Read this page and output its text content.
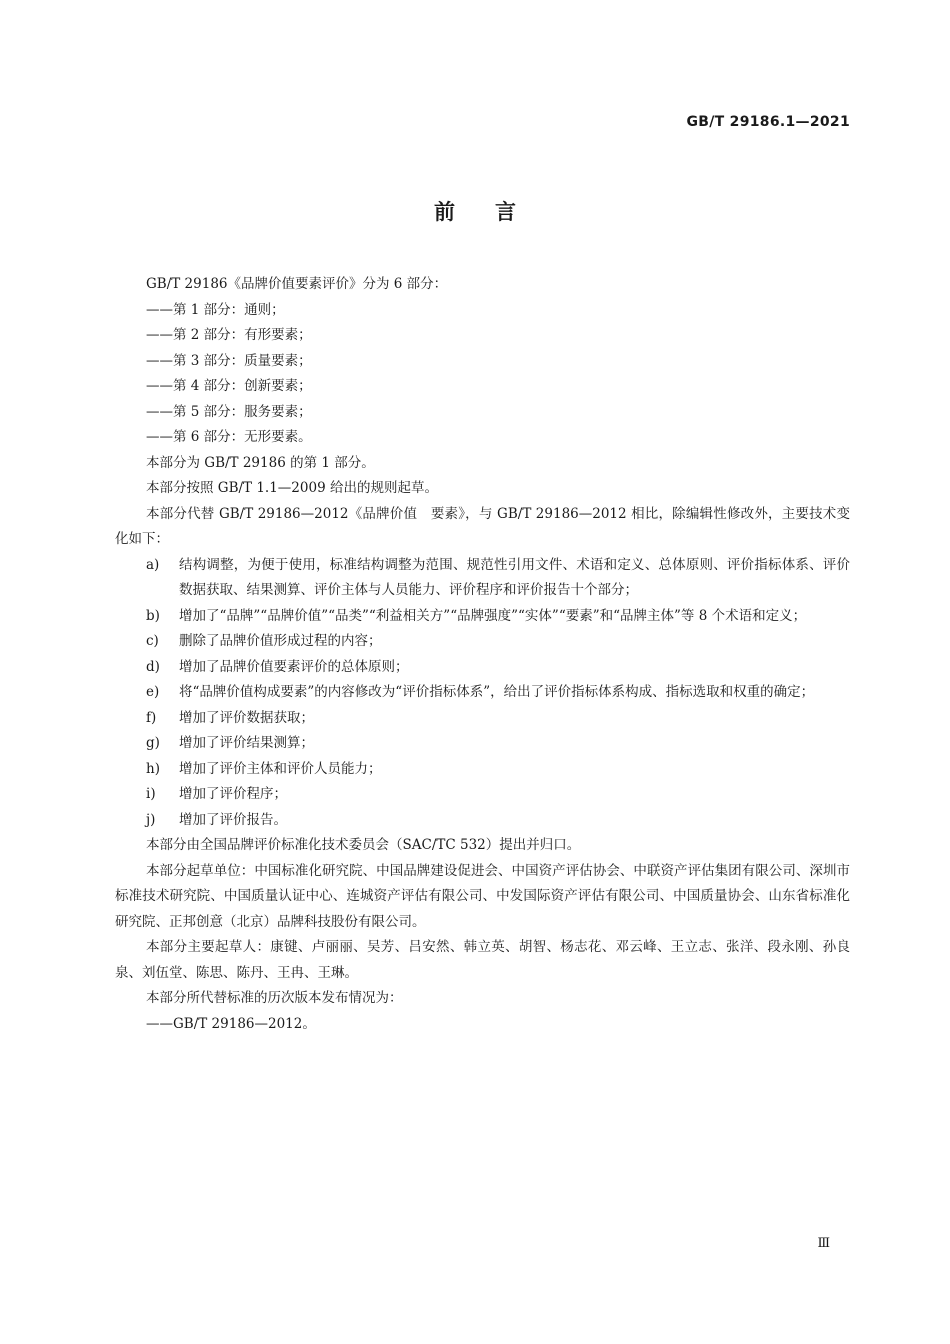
GB/T 29186.1—2021
前言

GB/T 29186《品牌价值要素评价》分为 6 部分：

——第 1 部分：通则；

——第 2 部分：有形要素；

——第 3 部分：质量要素；

——第 4 部分：创新要素；

——第 5 部分：服务要素；

——第 6 部分：无形要素。

本部分为 GB/T 29186 的第 1 部分。

本部分按照 GB/T 1.1—2009 给出的规则起草。

本部分代替 GB/T 29186—2012《品牌价值　要素》，与 GB/T 29186—2012 相比，除编辑性修改外，主要技术变化如下：

a)	结构调整，为便于使用，标准结构调整为范围、规范性引用文件、术语和定义、总体原则、评价指标体系、评价数据获取、结果测算、评价主体与人员能力、评价程序和评价报告十个部分；
b)	增加了“品牌”“品牌价值”“品类”“利益相关方”“品牌强度”“实体”“要素”和“品牌主体”等 8 个术语和定义；
c)	删除了品牌价值形成过程的内容；
d)	增加了品牌价值要素评价的总体原则；
e)	将“品牌价值构成要素”的内容修改为“评价指标体系”，给出了评价指标体系构成、指标选取和权重的确定；
f)	增加了评价数据获取；
g)	增加了评价结果测算；
h)	增加了评价主体和评价人员能力；
i)	增加了评价程序；
j)	增加了评价报告。

本部分由全国品牌评价标准化技术委员会（SAC/TC 532）提出并归口。

本部分起草单位：中国标准化研究院、中国品牌建设促进会、中国资产评估协会、中联资产评估集团有限公司、深圳市标准技术研究院、中国质量认证中心、连城资产评估有限公司、中发国际资产评估有限公司、中国质量协会、山东省标准化研究院、正邦创意（北京）品牌科技股份有限公司。

本部分主要起草人：康键、卢丽丽、吴芳、吕安然、韩立英、胡智、杨志花、邓云峰、王立志、张洋、段永刚、孙良泉、刘伍堂、陈思、陈丹、王冉、王琳。

本部分所代替标准的历次版本发布情况为：

——GB/T 29186—2012。

Ⅲ
